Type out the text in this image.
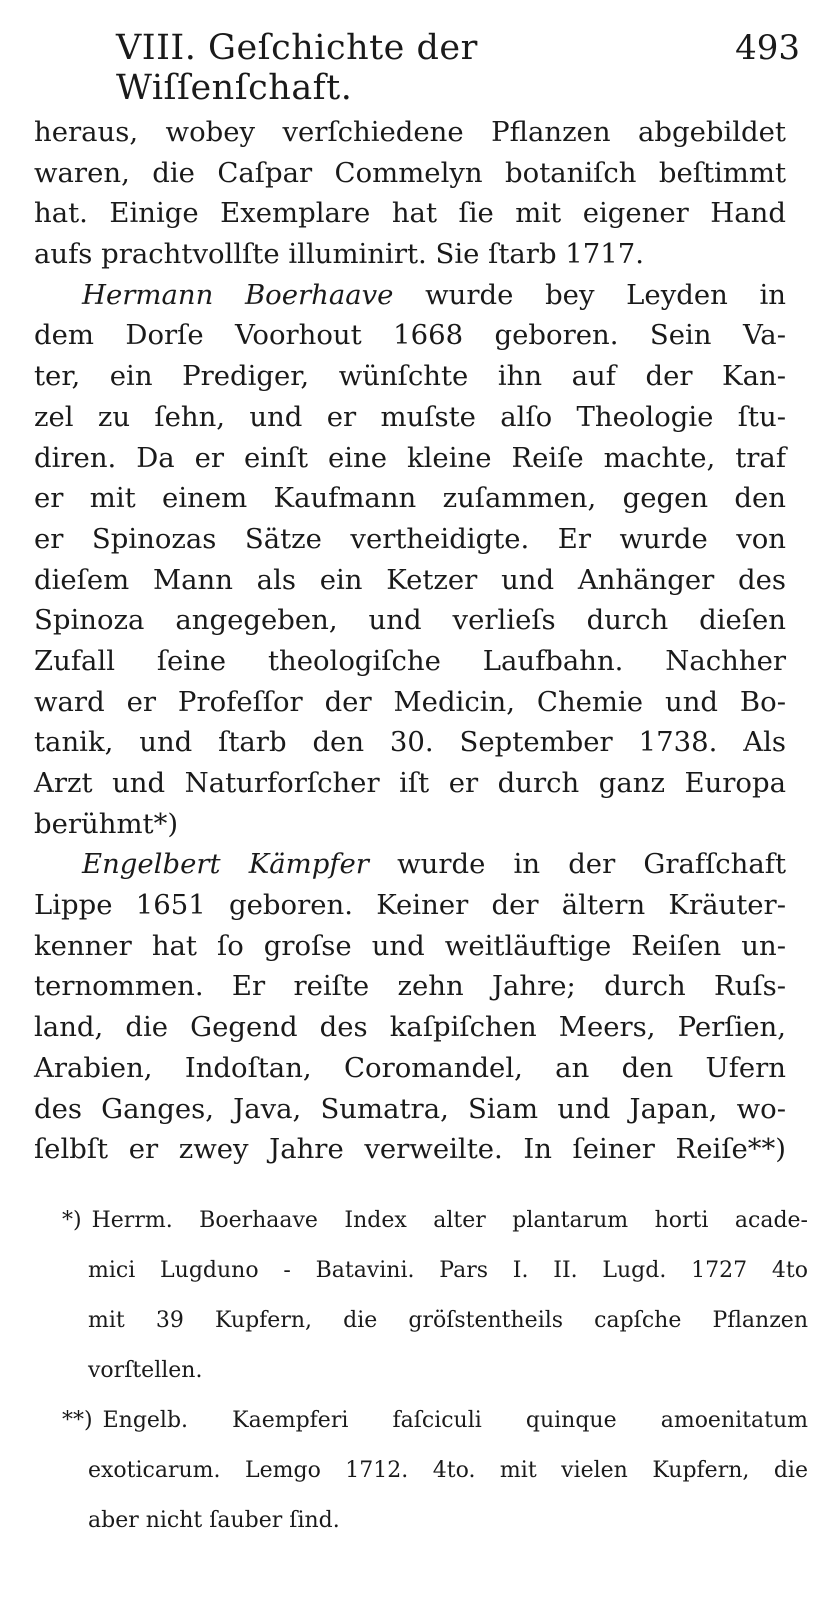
VIII. Geſchichte der Wiſſenſchaft.
493
heraus, wobey verſchiedene Pflanzen abgebildet
waren, die Caſpar Commelyn botaniſch beſtimmt
hat. Einige Exemplare hat ſie mit eigener Hand
aufs prachtvollſte illuminirt. Sie ſtarb 1717.
Hermann Boerhaave wurde bey Leyden in
dem Dorſe Voorhout 1668 geboren. Sein Va-
ter, ein Prediger, wünſchte ihn auf der Kan-
zel zu ſehn, und er muſste alſo Theologie ſtu-
diren. Da er einſt eine kleine Reiſe machte, traf
er mit einem Kaufmann zuſammen, gegen den
er Spinozas Sätze vertheidigte. Er wurde von
dieſem Mann als ein Ketzer und Anhänger des
Spinoza angegeben, und verlieſs durch dieſen
Zufall ſeine theologiſche Laufbahn. Nachher
ward er Profeſſor der Medicin, Chemie und Bo-
tanik, und ſtarb den 30. September 1738. Als
Arzt und Naturforſcher iſt er durch ganz Europa
berühmt*)
Engelbert Kämpfer wurde in der Grafſchaft
Lippe 1651 geboren. Keiner der ältern Kräuter-
kenner hat ſo groſse und weitläuftige Reiſen un-
ternommen. Er reiſte zehn Jahre; durch Ruſs-
land, die Gegend des kaſpiſchen Meers, Perſien,
Arabien, Indoſtan, Coromandel, an den Ufern
des Ganges, Java, Sumatra, Siam und Japan, wo-
ſelbſt er zwey Jahre verweilte. In ſeiner Reiſe**)
*) Herrm. Boerhaave Index alter plantarum horti acade-
mici Lugduno - Batavini. Pars I. II. Lugd. 1727 4to
mit 39 Kupfern, die gröſstentheils capſche Pflanzen
vorſtellen.
**) Engelb. Kaempferi faſciculi quinque amoenitatum
exoticarum. Lemgo 1712. 4to. mit vielen Kupfern, die
aber nicht ſauber ſind.
